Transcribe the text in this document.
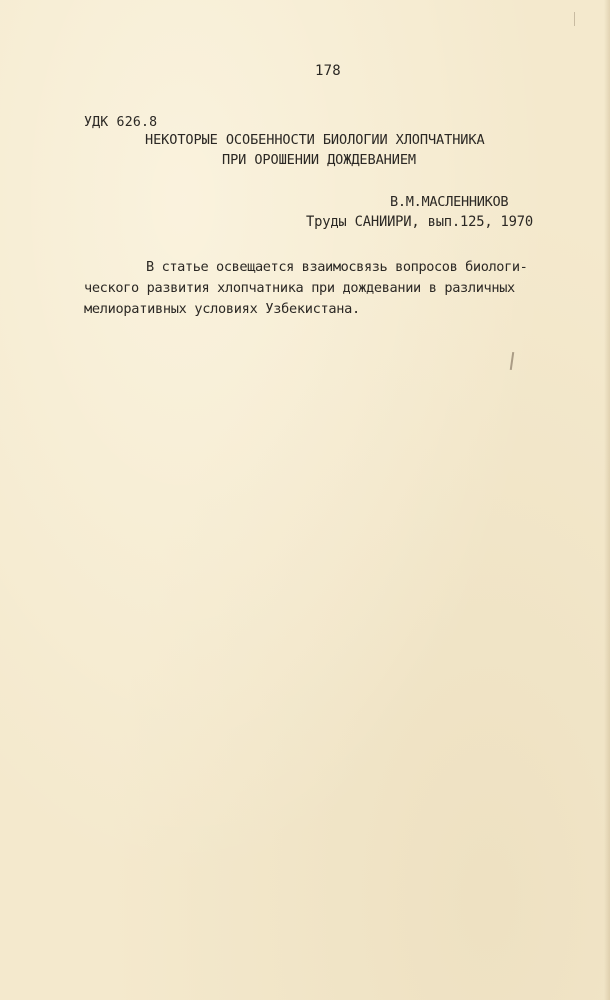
178
УДК 626.8
НЕКОТОРЫЕ ОСОБЕННОСТИ БИОЛОГИИ ХЛОПЧАТНИКА
ПРИ ОРОШЕНИИ ДОЖДЕВАНИЕМ
В.М.МАСЛЕННИКОВ
Труды САНИИРИ, вып.125, 1970
В статье освещается взаимосвязь вопросов биологи-
ческого развития хлопчатника при дождевании в различных
мелиоративных условиях Узбекистана.
